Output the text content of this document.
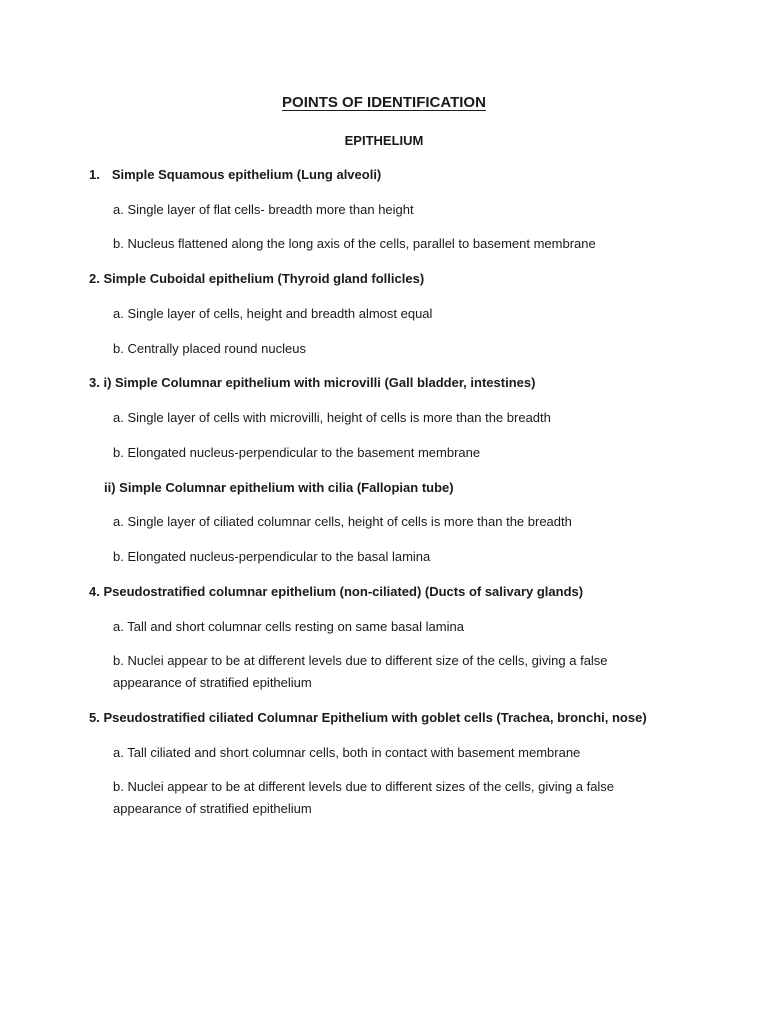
POINTS OF IDENTIFICATION
EPITHELIUM
1. Simple Squamous epithelium (Lung alveoli)
a. Single layer of flat cells- breadth more than height
b. Nucleus flattened along the long axis of the cells, parallel to basement membrane
2. Simple Cuboidal epithelium (Thyroid gland follicles)
a. Single layer of cells, height and breadth almost equal
b. Centrally placed round nucleus
3. i) Simple Columnar epithelium with microvilli (Gall bladder, intestines)
a. Single layer of cells with microvilli, height of cells is more than the breadth
b. Elongated nucleus-perpendicular to the basement membrane
ii) Simple Columnar epithelium with cilia (Fallopian tube)
a. Single layer of ciliated columnar cells, height of cells is more than the breadth
b. Elongated nucleus-perpendicular to the basal lamina
4. Pseudostratified columnar epithelium (non-ciliated) (Ducts of salivary glands)
a. Tall and short columnar cells resting on same basal lamina
b. Nuclei appear to be at different levels due to different size of the cells, giving a false appearance of stratified epithelium
5. Pseudostratified ciliated Columnar Epithelium with goblet cells (Trachea, bronchi, nose)
a. Tall ciliated and short columnar cells, both in contact with basement membrane
b. Nuclei appear to be at different levels due to different sizes of the cells, giving a false appearance of stratified epithelium
